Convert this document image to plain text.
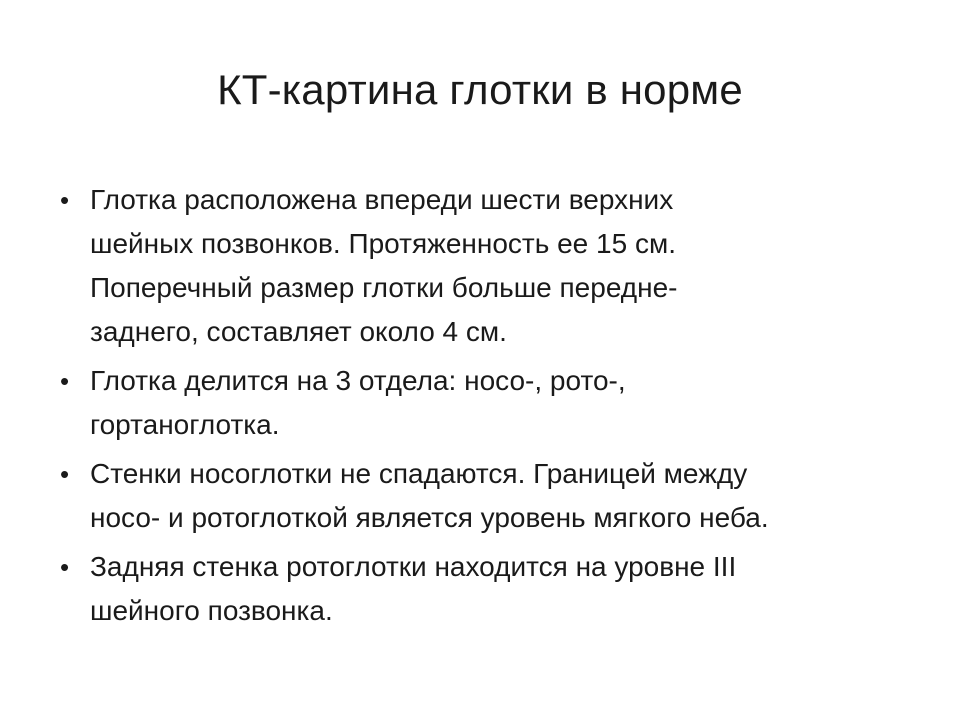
КТ-картина глотки в норме
• Глотка расположена впереди шести верхних
шейных позвонков. Протяженность ее 15 см.
Поперечный размер глотки больше передне-
заднего, составляет около 4 см.
• Глотка делится на 3 отдела: носо-, рото-,
гортаноглотка.
• Стенки носоглотки не спадаются. Границей между
носо- и ротоглоткой является уровень мягкого неба.
• Задняя стенка ротоглотки находится на уровне III
шейного позвонка.
